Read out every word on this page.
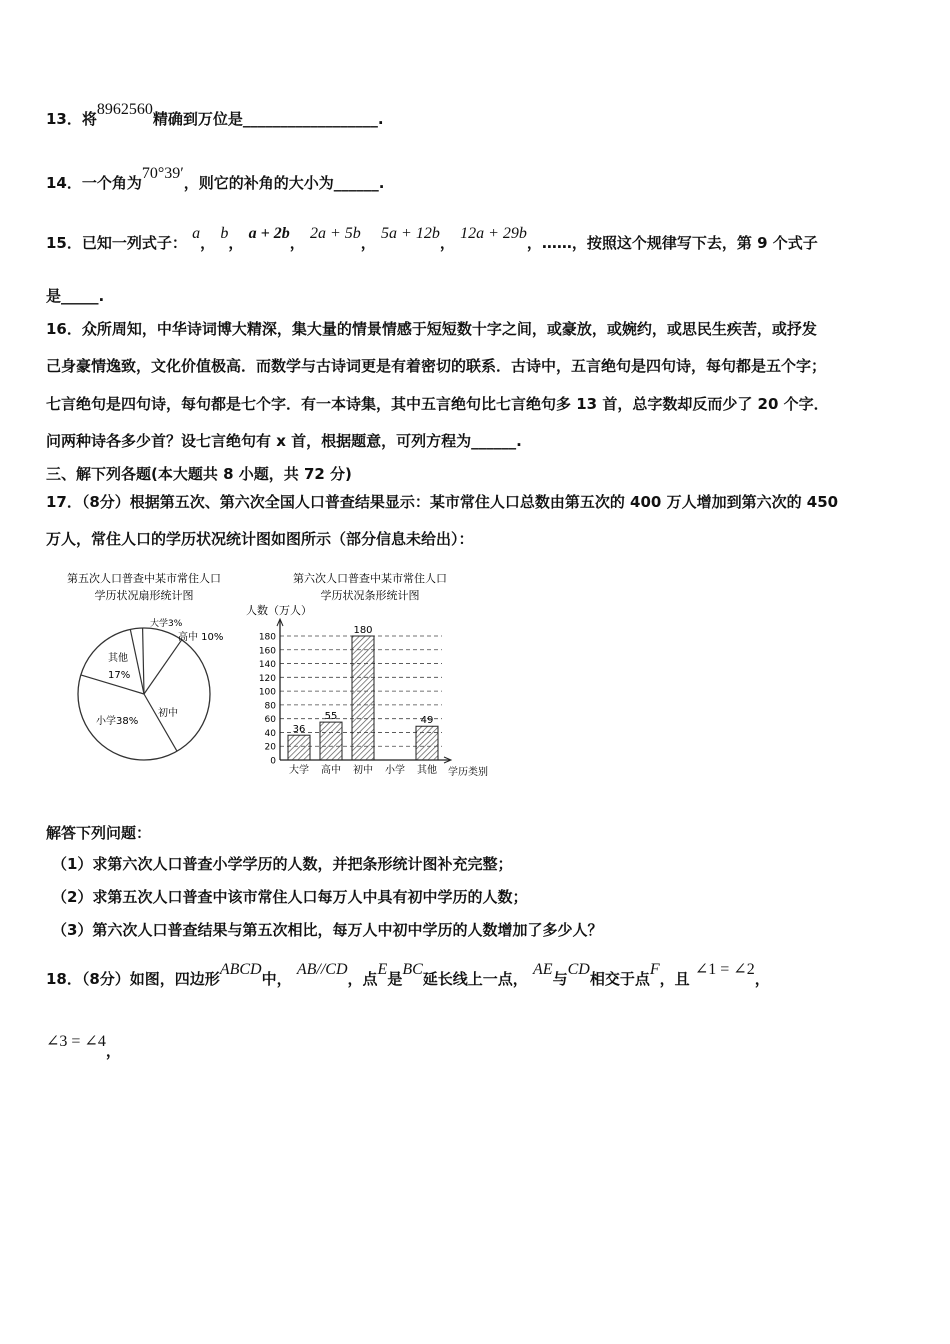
13．将8962560精确到万位是__________________.
14．一个角为70°39′，则它的补角的大小为______.
15．已知一列式子： a， b， a + 2b， 2a + 5b， 5a + 12b， 12a + 29b，……，按照这个规律写下去，第 9 个式子
是_____.
16．众所周知，中华诗词博大精深，集大量的情景情感于短短数十字之间，或豪放，或婉约，或思民生疾苦，或抒发
己身豪情逸致，文化价值极高．而数学与古诗词更是有着密切的联系．古诗中，五言绝句是四句诗，每句都是五个字；
七言绝句是四句诗，每句都是七个字．有一本诗集，其中五言绝句比七言绝句多 13 首，总字数却反而少了 20 个字．
问两种诗各多少首？设七言绝句有 x 首，根据题意，可列方程为______.
三、解下列各题(本大题共 8 小题，共 72 分)
17．（8分）根据第五次、第六次全国人口普查结果显示：某市常住人口总数由第五次的 400 万人增加到第六次的 450
万人，常住人口的学历状况统计图如图所示（部分信息未给出）：
第五次人口普查中某市常住人口
学历状况扇形统计图
大学3%
高中 10%
初中
小学38%
其他
17%
第六次人口普查中某市常住人口
学历状况条形统计图
人数（万人）
学历类别
0
20
40
60
80
100
120
140
160
180
36
大学
55
高中
180
初中 小学
49
其他
解答下列问题：
（1）求第六次人口普查小学学历的人数，并把条形统计图补充完整；
（2）求第五次人口普查中该市常住人口每万人中具有初中学历的人数；
（3）第六次人口普查结果与第五次相比，每万人中初中学历的人数增加了多少人？
18．（8分）如图，四边形ABCD中， AB//CD，点E是BC延长线上一点， AE与CD相交于点F，且 ∠1 = ∠2，
∠3 = ∠4，
